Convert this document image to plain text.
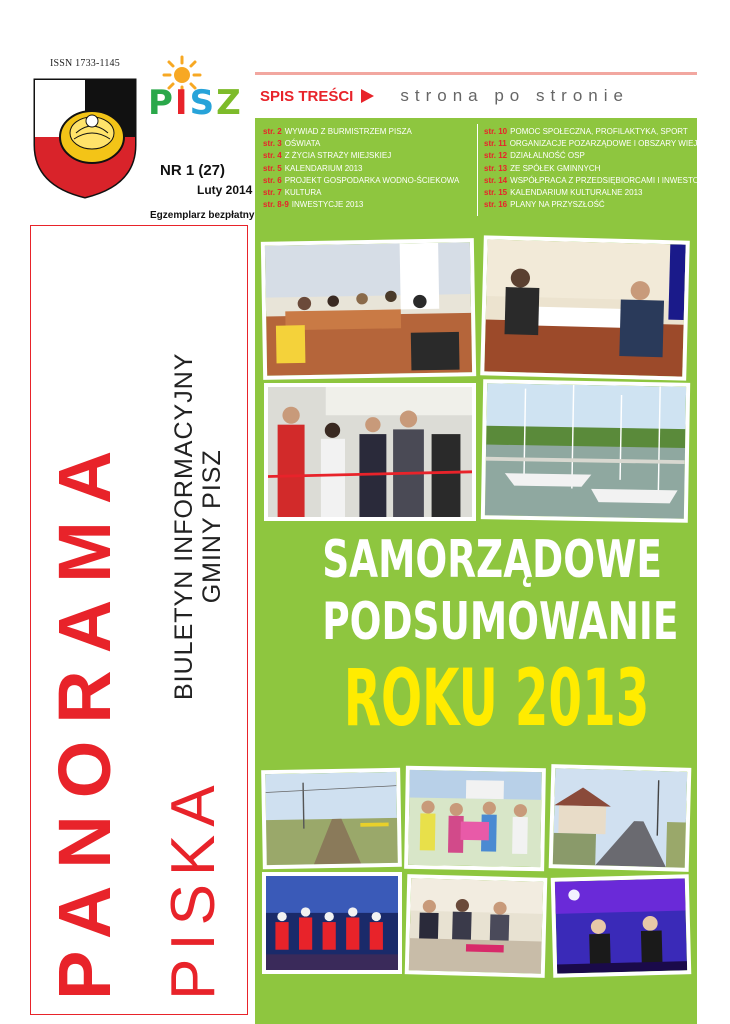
ISSN 1733-1145
PISZ
NR 1 (27)
Luty 2014
Egzemplarz bezpłatny
PANORAMA PISKA
BIULETYN INFORMACYJNY GMINY PISZ
SPIS TREŚCI	strona po stronie
str. 2 WYWIAD Z BURMISTRZEM PISZA
str. 3 OŚWIATA
str. 4 Z ŻYCIA STRAŻY MIEJSKIEJ
str. 5 KALENDARIUM 2013
str. 6 PROJEKT GOSPODARKA WODNO-ŚCIEKOWA
str. 7 KULTURA
str. 8-9 INWESTYCJE 2013
str. 10 POMOC SPOŁECZNA, PROFILAKTYKA, SPORT
str. 11 ORGANIZACJE POZARZĄDOWE I OBSZARY WIEJSKIE
str. 12 DZIAŁALNOŚĆ OSP
str. 13 ZE SPÓŁEK GMINNYCH
str. 14 WSPÓŁPRACA Z PRZEDSIĘBIORCAMI I INWESTORAMI
str. 15 KALENDARIUM KULTURALNE 2013
str. 16 PLANY NA PRZYSZŁOŚĆ
SAMORZĄDOWE
PODSUMOWANIE
ROKU 2013
